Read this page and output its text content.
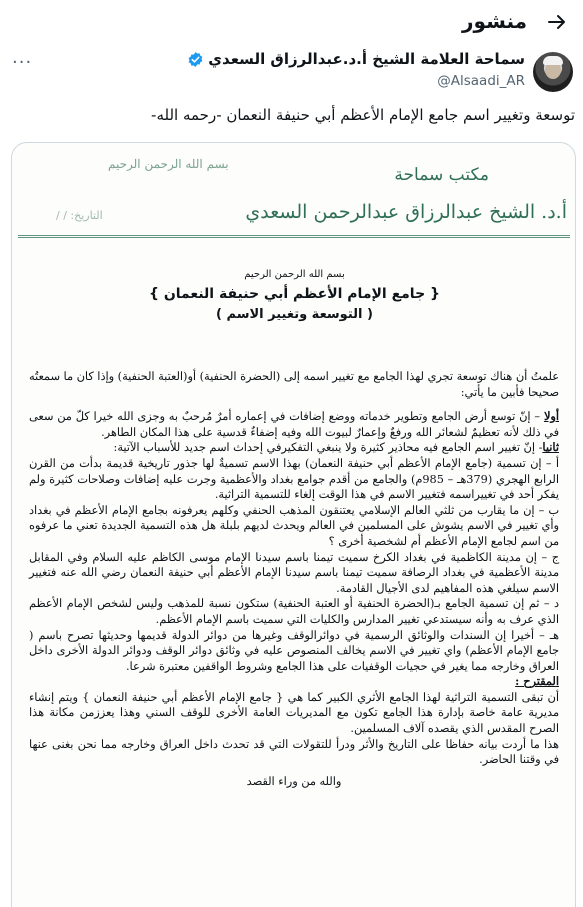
منشور
سماحة العلامة الشيخ أ.د.عبدالرزاق السعدي
@Alsaadi_AR
···
توسعة وتغيير اسم جامع الإمام الأعظم أبي حنيفة النعمان -رحمه الله-
مكتب سماحة
أ.د. الشيخ عبدالرزاق عبدالرحمن السعدي
بسم الله الرحمن الرحيم
التاريخ: / /
بسم الله الرحمن الرحيم
{ جامع الإمام الأعظم أبي حنيفة النعمان }
( التوسعة وتغيير الاسم )

علمتُ أن هناك توسعة تجري لهذا الجامع مع تغيير اسمه إلى (الحضرة الحنفية) أو(العتبة الحنفية) وإذا كان ما سمعتُه صحيحا فأبين ما يأتي:

أولا – إنّ توسع أرض الجامع وتطوير خدماته ووضع إضافات في إعماره أمرٌ مُرحبٌ به وجزى الله خيرا كلّ من سعى في ذلك لأنه تعظيمٌ لشعائر الله ورفعٌ وإعمارٌ لبيوت الله وفيه إضفاءٌ قدسية على هذا المكان الطاهر.

ثانيا- إنّ تغيير اسم الجامع فيه محاذير كثيرة ولا ينبغي التفكيرفي إحداث اسم جديد للأسباب الآتية:

أ – إن تسمية (جامع الإمام الأعظم أبي حنيفة النعمان) بهذا الاسم تسميةٌ لها جذور تاريخية قديمة بدأت من القرن الرابع الهجري (379هـ – 985م) والجامع من أقدم جوامع بغداد والأعظمية وجرت عليه إضافات وصلاحات كثيرة ولم يفكر أحد في تغييراسمه فتغيير الاسم في هذا الوقت إلغاء للتسمية التراثية.

ب – إن ما يقارب من ثلثي العالم الإسلامي يعتنقون المذهب الحنفي وكلهم يعرفونه بجامع الإمام الأعظم في بغداد وأي تغيير في الاسم يشوش على المسلمين في العالم ويحدث لديهم بلبلة هل هذه التسمية الجديدة تعني ما عرفوه من اسم لجامع الإمام الأعظم أم لشخصية أخرى ؟

ج – إن مدينة الكاظمية في بغداد الكرخ سميت تيمنا باسم سيدنا الإمام موسى الكاظم عليه السلام وفي المقابل مدينة الأعظمية في بغداد الرصافة سميت تيمنا باسم سيدنا الإمام الأعظم أبي حنيفة النعمان رضي الله عنه فتغيير الاسم سيلغي هذه المفاهيم لدى الأجيال القادمة.

د – ثم إن تسمية الجامع بـ(الحضرة الحنفية أو العتبة الحنفية) ستكون نسبة للمذهب وليس لشخص الإمام الأعظم الذي عرف به وأنه سيستدعي تغيير المدارس والكليات التي سميت باسم الإمام الأعظم.

هـ – أخيرا إن السندات والوثائق الرسمية في دوائرالوقف وغيرها من دوائر الدولة قديمها وحديثها تصرح باسم ( جامع الإمام الأعظم) واي تغيير في الاسم يخالف المنصوص عليه في وثائق دوائر الوقف ودوائر الدولة الأخرى داخل العراق وخارجه مما يغير في حجيات الوقفيات على هذا الجامع وشروط الواقفين معتبرة شرعا.

المقترح :

أن تبقى التسمية التراثية لهذا الجامع الأثري الكبير كما هي { جامع الإمام الأعظم أبي حنيفة النعمان } ويتم إنشاء مديرية عامة خاصة بإدارة هذا الجامع تكون مع المديريات العامة الأخرى للوقف السني وهذا يعززمن مكانة هذا الصرح المقدس الذي يقصده آلاف المسلمين.

هذا ما أردت بيانه حفاظا على التاريخ والأثر ودرأ للتقولات التي قد تحدث داخل العراق وخارجه مما نحن بغنى عنها في وقتنا الحاضر.

والله من وراء القصد
